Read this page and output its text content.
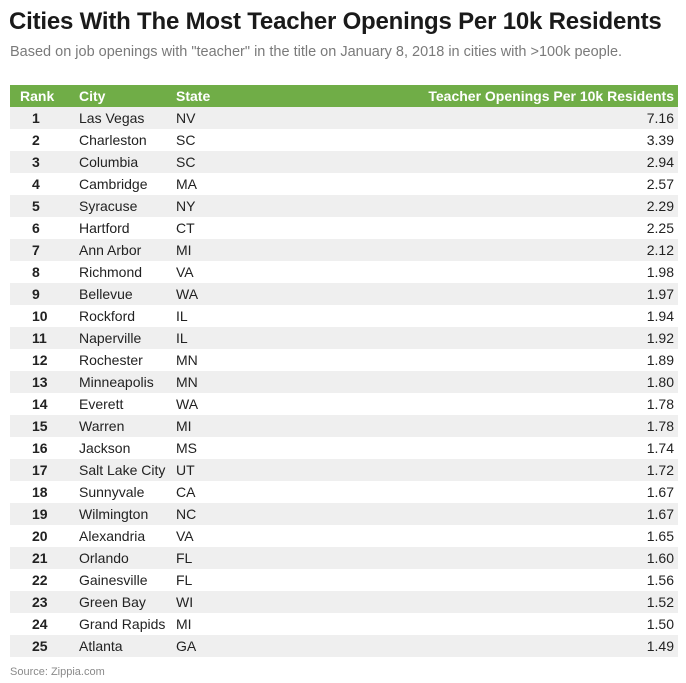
Cities With The Most Teacher Openings Per 10k Residents
Based on job openings with "teacher" in the title on January 8, 2018 in cities with >100k people.
Rank	City	State	Teacher Openings Per 10k Residents
1	Las Vegas	NV	7.16
2	Charleston	SC	3.39
3	Columbia	SC	2.94
4	Cambridge	MA	2.57
5	Syracuse	NY	2.29
6	Hartford	CT	2.25
7	Ann Arbor	MI	2.12
8	Richmond	VA	1.98
9	Bellevue	WA	1.97
10	Rockford	IL	1.94
11	Naperville	IL	1.92
12	Rochester	MN	1.89
13	Minneapolis	MN	1.80
14	Everett	WA	1.78
15	Warren	MI	1.78
16	Jackson	MS	1.74
17	Salt Lake City	UT	1.72
18	Sunnyvale	CA	1.67
19	Wilmington	NC	1.67
20	Alexandria	VA	1.65
21	Orlando	FL	1.60
22	Gainesville	FL	1.56
23	Green Bay	WI	1.52
24	Grand Rapids	MI	1.50
25	Atlanta	GA	1.49
Source: Zippia.com
